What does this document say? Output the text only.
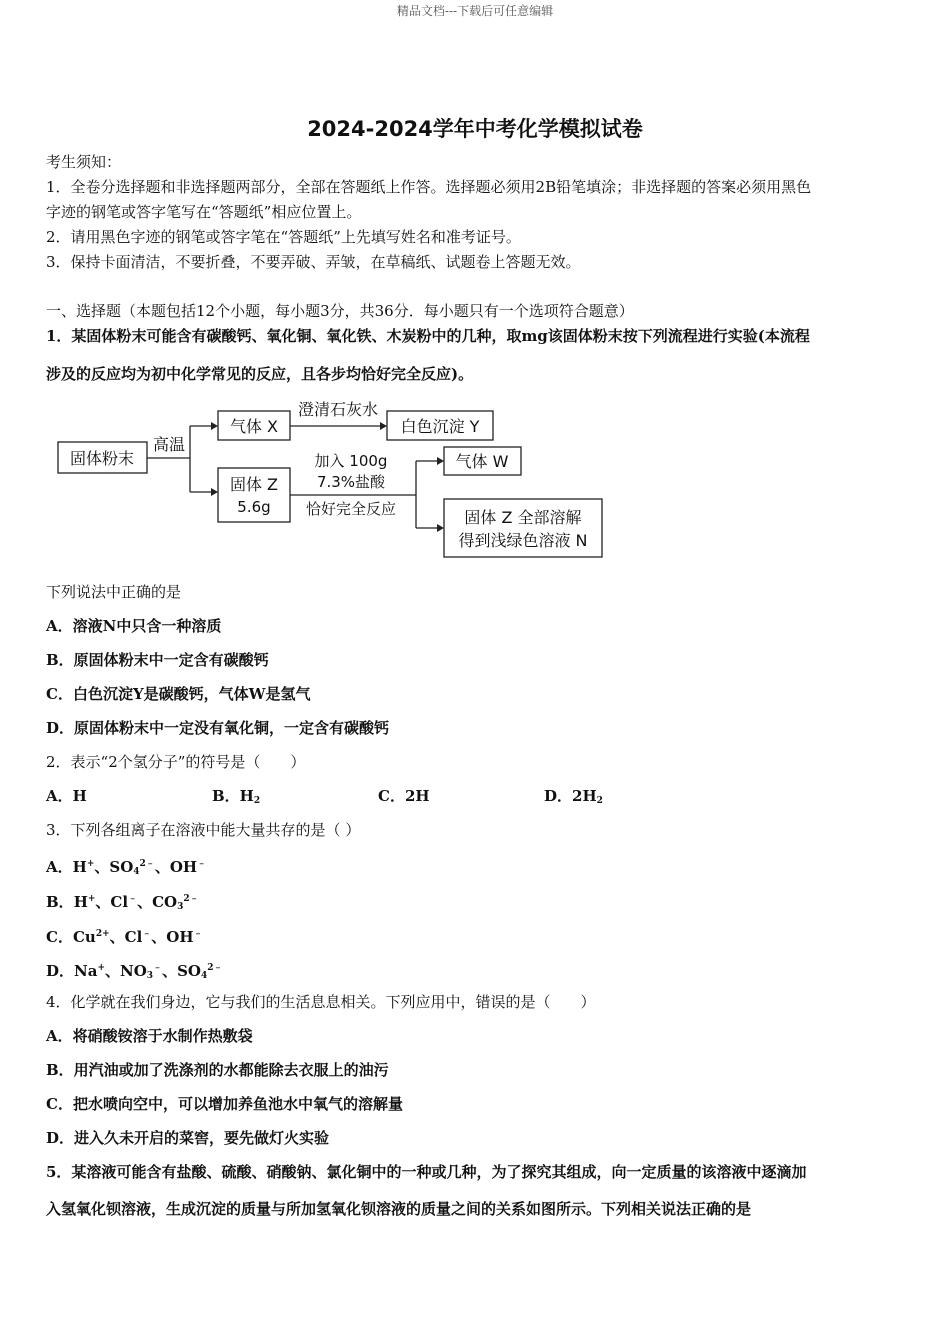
精品文档---下载后可任意编辑
2024-2024学年中考化学模拟试卷
考生须知：
1．全卷分选择题和非选择题两部分，全部在答题纸上作答。选择题必须用2B铅笔填涂；非选择题的答案必须用黑色
字迹的钢笔或答字笔写在“答题纸”相应位置上。
2．请用黑色字迹的钢笔或答字笔在“答题纸”上先填写姓名和准考证号。
3．保持卡面清洁，不要折叠，不要弄破、弄皱，在草稿纸、试题卷上答题无效。
一、选择题（本题包括12个小题，每小题3分，共36分．每小题只有一个选项符合题意）
1．某固体粉末可能含有碳酸钙、氧化铜、氧化铁、木炭粉中的几种，取mg该固体粉末按下列流程进行实验(本流程
涉及的反应均为初中化学常见的反应，且各步均恰好完全反应)。
固体粉末
高温
气体 X
澄清石灰水
白色沉淀 Y
固体 Z
5.6g
加入 100g
7.3%盐酸
恰好完全反应
气体 W
固体 Z 全部溶解
得到浅绿色溶液 N
下列说法中正确的是
A．溶液N中只含一种溶质
B．原固体粉末中一定含有碳酸钙
C．白色沉淀Y是碳酸钙，气体W是氢气
D．原固体粉末中一定没有氧化铜，一定含有碳酸钙
2．表示“2个氢分子”的符号是（　　）
A．H	B．$H_2$	C．2H	D．$2H_2$
3．下列各组离子在溶液中能大量共存的是（ ）
A．H+、$SO_4^{2﹣}$、OH﹣
B．H+、Cl﹣、$CO_3^{2﹣}$
C．$Cu^{2+}$、Cl﹣、OH﹣
D．Na+、$NO_3^﹣$、$SO_4^{2﹣}$
4．化学就在我们身边，它与我们的生活息息相关。下列应用中，错误的是（　　）
A．将硝酸铵溶于水制作热敷袋
B．用汽油或加了洗涤剂的水都能除去衣服上的油污
C．把水喷向空中，可以增加养鱼池水中氧气的溶解量
D．进入久未开启的菜窖，要先做灯火实验
5．某溶液可能含有盐酸、硫酸、硝酸钠、氯化铜中的一种或几种，为了探究其组成，向一定质量的该溶液中逐滴加
入氢氧化钡溶液，生成沉淀的质量与所加氢氧化钡溶液的质量之间的关系如图所示。下列相关说法正确的是
